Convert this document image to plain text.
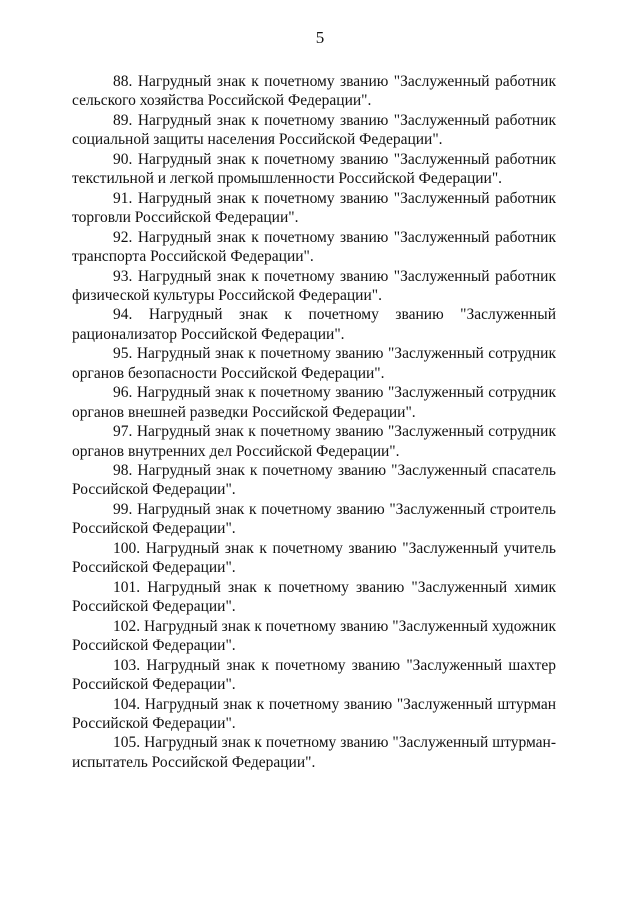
5

88. Нагрудный знак к почетному званию "Заслуженный работник сельского хозяйства Российской Федерации".

89. Нагрудный знак к почетному званию "Заслуженный работник социальной защиты населения Российской Федерации".

90. Нагрудный знак к почетному званию "Заслуженный работник текстильной и легкой промышленности Российской Федерации".

91. Нагрудный знак к почетному званию "Заслуженный работник торговли Российской Федерации".

92. Нагрудный знак к почетному званию "Заслуженный работник транспорта Российской Федерации".

93. Нагрудный знак к почетному званию "Заслуженный работник физической культуры Российской Федерации".

94. Нагрудный знак к почетному званию "Заслуженный рационализатор Российской Федерации".

95. Нагрудный знак к почетному званию "Заслуженный сотрудник органов безопасности Российской Федерации".

96. Нагрудный знак к почетному званию "Заслуженный сотрудник органов внешней разведки Российской Федерации".

97. Нагрудный знак к почетному званию "Заслуженный сотрудник органов внутренних дел Российской Федерации".

98. Нагрудный знак к почетному званию "Заслуженный спасатель Российской Федерации".

99. Нагрудный знак к почетному званию "Заслуженный строитель Российской Федерации".

100. Нагрудный знак к почетному званию "Заслуженный учитель Российской Федерации".

101. Нагрудный знак к почетному званию "Заслуженный химик Российской Федерации".

102. Нагрудный знак к почетному званию "Заслуженный художник Российской Федерации".

103. Нагрудный знак к почетному званию "Заслуженный шахтер Российской Федерации".

104. Нагрудный знак к почетному званию "Заслуженный штурман Российской Федерации".

105. Нагрудный знак к почетному званию "Заслуженный штурман-испытатель Российской Федерации".
